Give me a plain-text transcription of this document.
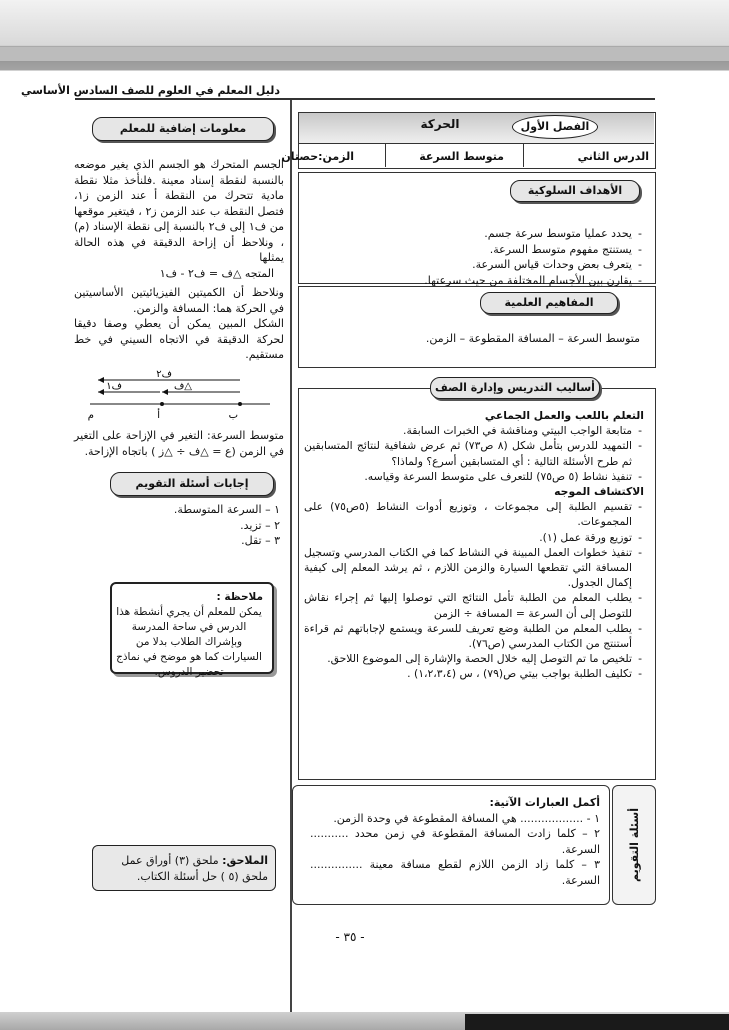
دليل المعلم في العلوم للصف السادس الأساسي
الفصل الأول
الحركة
الدرس الثاني
متوسط السرعة
الزمن:حصتان
الأهداف السلوكية
- يحدد عمليا متوسط سرعة جسم.
- يستنتج مفهوم متوسط السرعة.
- يتعرف بعض وحدات قياس السرعة.
- يقارن بين الأجسام المختلفة من حيث سرعتها.
المفاهيم العلمية
متوسط السرعة – المسافة المقطوعة – الزمن.
أساليب التدريس وإدارة الصف
التعلم باللعب والعمل الجماعي
- متابعة الواجب البيتي ومناقشة في الخبرات السابقة.
- التمهيد للدرس بتأمل شكل (٨ ص٧٣) ثم عرض شفافية لنتائج المتسابقين ثم طرح الأسئلة التالية : أي المتسابقين أسرع؟ ولماذا؟
- تنفيذ نشاط (٥ ص٧٥) للتعرف على متوسط السرعة وقياسه.
الاكتشاف الموجه
- تقسيم الطلبة إلى مجموعات ، وتوزيع أدوات النشاط (٥ص٧٥) على المجموعات.
- توزيع ورقة عمل (١).
- تنفيذ خطوات العمل المبينة في النشاط كما في الكتاب المدرسي وتسجيل المسافة التي تقطعها السيارة والزمن اللازم ، ثم يرشد المعلم إلى كيفية إكمال الجدول.
- يطلب المعلم من الطلبة تأمل النتائج التي توصلوا إليها ثم إجراء نقاش للتوصل إلى أن السرعة = المسافة ÷ الزمن
- يطلب المعلم من الطلبة وضع تعريف للسرعة ويستمع لإجاباتهم ثم قراءة أستنتج من الكتاب المدرسي (ص٧٦).
- تلخيص ما تم التوصل إليه خلال الحصة والإشارة إلى الموضوع اللاحق.
- تكليف الطلبة بواجب بيتي ص(٧٩) ، س (١،٢،٣،٤) .
أسئلة التقويم
أكمل العبارات الآتية:
١ - .................. هي المسافة المقطوعة في وحدة الزمن.
٢ – كلما زادت المسافة المقطوعة في زمن محدد ........... السرعة.
٣ – كلما زاد الزمن اللازم لقطع مسافة معينة ............... السرعة.
معلومات إضافية للمعلم
الجسم المتحرك هو الجسم الذي يغير موضعه بالنسبة لنقطة إسناد معينة .فلنأخذ مثلا نقطة مادية تتحرك من النقطة أ عند الزمن ز١، فتصل النقطة ب عند الزمن ز٢ ، فيتغير موقعها من ف١ إلى ف٢ بالنسبة إلى نقطة الإسناد (م) ، ونلاحظ أن إزاحة الدقيقة في هذه الحالة يمثلها
المتجه △ف = ف٢ - ف١
ونلاحظ أن الكميتين الفيزيائيتين الأساسيتين في الحركة هما: المسافة والزمن.
الشكل المبين يمكن أن يعطي وصفا دقيقا لحركة الدقيقة في الاتجاه السيني في خط مستقيم.
ف٢
ف١	△ف
م	أ	ب
متوسط السرعة: التغير في الإزاحة على التغير في الزمن (ع = △ف ÷ △ز ) باتجاه الإزاحة.
إجابات أسئلة التقويم
١ – السرعة المتوسطة.
٢ – تزيد.
٣ – تقل.
ملاحظة :
يمكن للمعلم أن يجري أنشطة هذا الدرس في ساحة المدرسة وبإشراك الطلاب بدلا من السيارات كما هو موضح في نماذج تحضير الدروس.
الملاحق: ملحق (٣) أوراق عمل
ملحق (٥ ) حل أسئلة الكتاب.
- ٣٥ -
